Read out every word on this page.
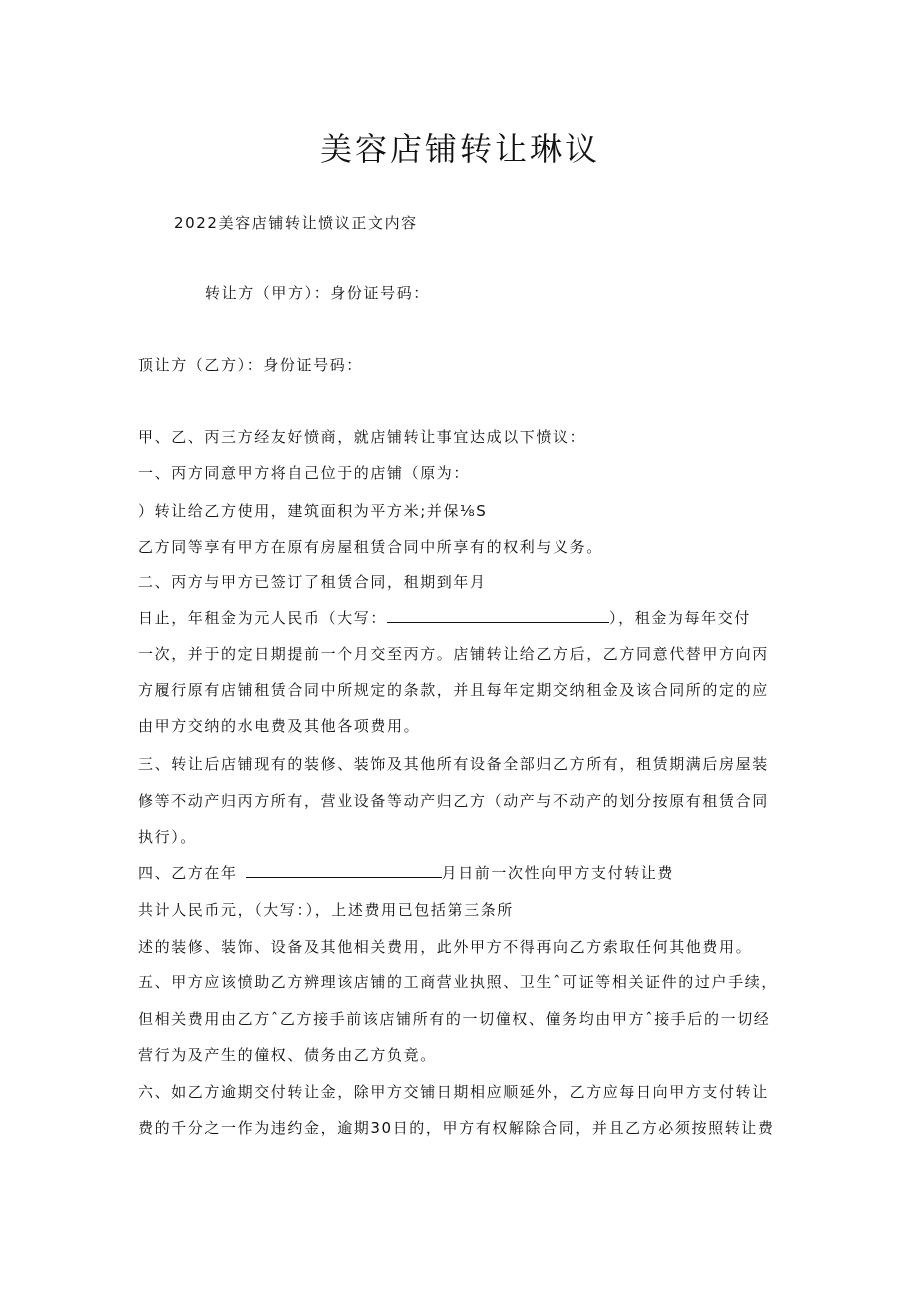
美容店铺转让琳议
2022美容店铺转让愤议正文内容
转让方（甲方）：身份证号码：
顶让方（乙方）：身份证号码：
甲、乙、丙三方经友好愤商，就店铺转让事宜达成以下愤议：
一、丙方同意甲方将自己位于的店铺（原为：
）转让给乙方使用，建筑面积为平方米;并保⅛S
乙方同等享有甲方在原有房屋租赁合同中所享有的权利与义务。
二、丙方与甲方已签订了租赁合同，租期到年月
日止，年租金为元人民币（大写：	），租金为每年交付
一次，并于的定日期提前一个月交至丙方。店铺转让给乙方后，乙方同意代替甲方向丙
方履行原有店铺租赁合同中所规定的条款，并且每年定期交纳租金及该合同所的定的应
由甲方交纳的水电费及其他各项费用。
三、转让后店铺现有的装修、装饰及其他所有设备全部归乙方所有，租赁期满后房屋装
修等不动产归丙方所有，营业设备等动产归乙方（动产与不动产的划分按原有租赁合同
执行）。
四、乙方在年	月日前一次性向甲方支付转让费
共计人民币元，（大写：），上述费用已包括第三条所
述的装修、装饰、设备及其他相关费用，此外甲方不得再向乙方索取任何其他费用。
五、甲方应该愤助乙方辨理该店铺的工商营业执照、卫生ˆ可证等相关证件的过户手续，
但相关费用由乙方ˆ乙方接手前该店铺所有的一切僮权、僮务均由甲方ˆ接手后的一切经
营行为及产生的僮权、债务由乙方负竟。
六、如乙方逾期交付转让金，除甲方交铺日期相应顺延外，乙方应每日向甲方支付转让
费的千分之一作为违约金，逾期30日的，甲方有权解除合同，并且乙方必须按照转让费
